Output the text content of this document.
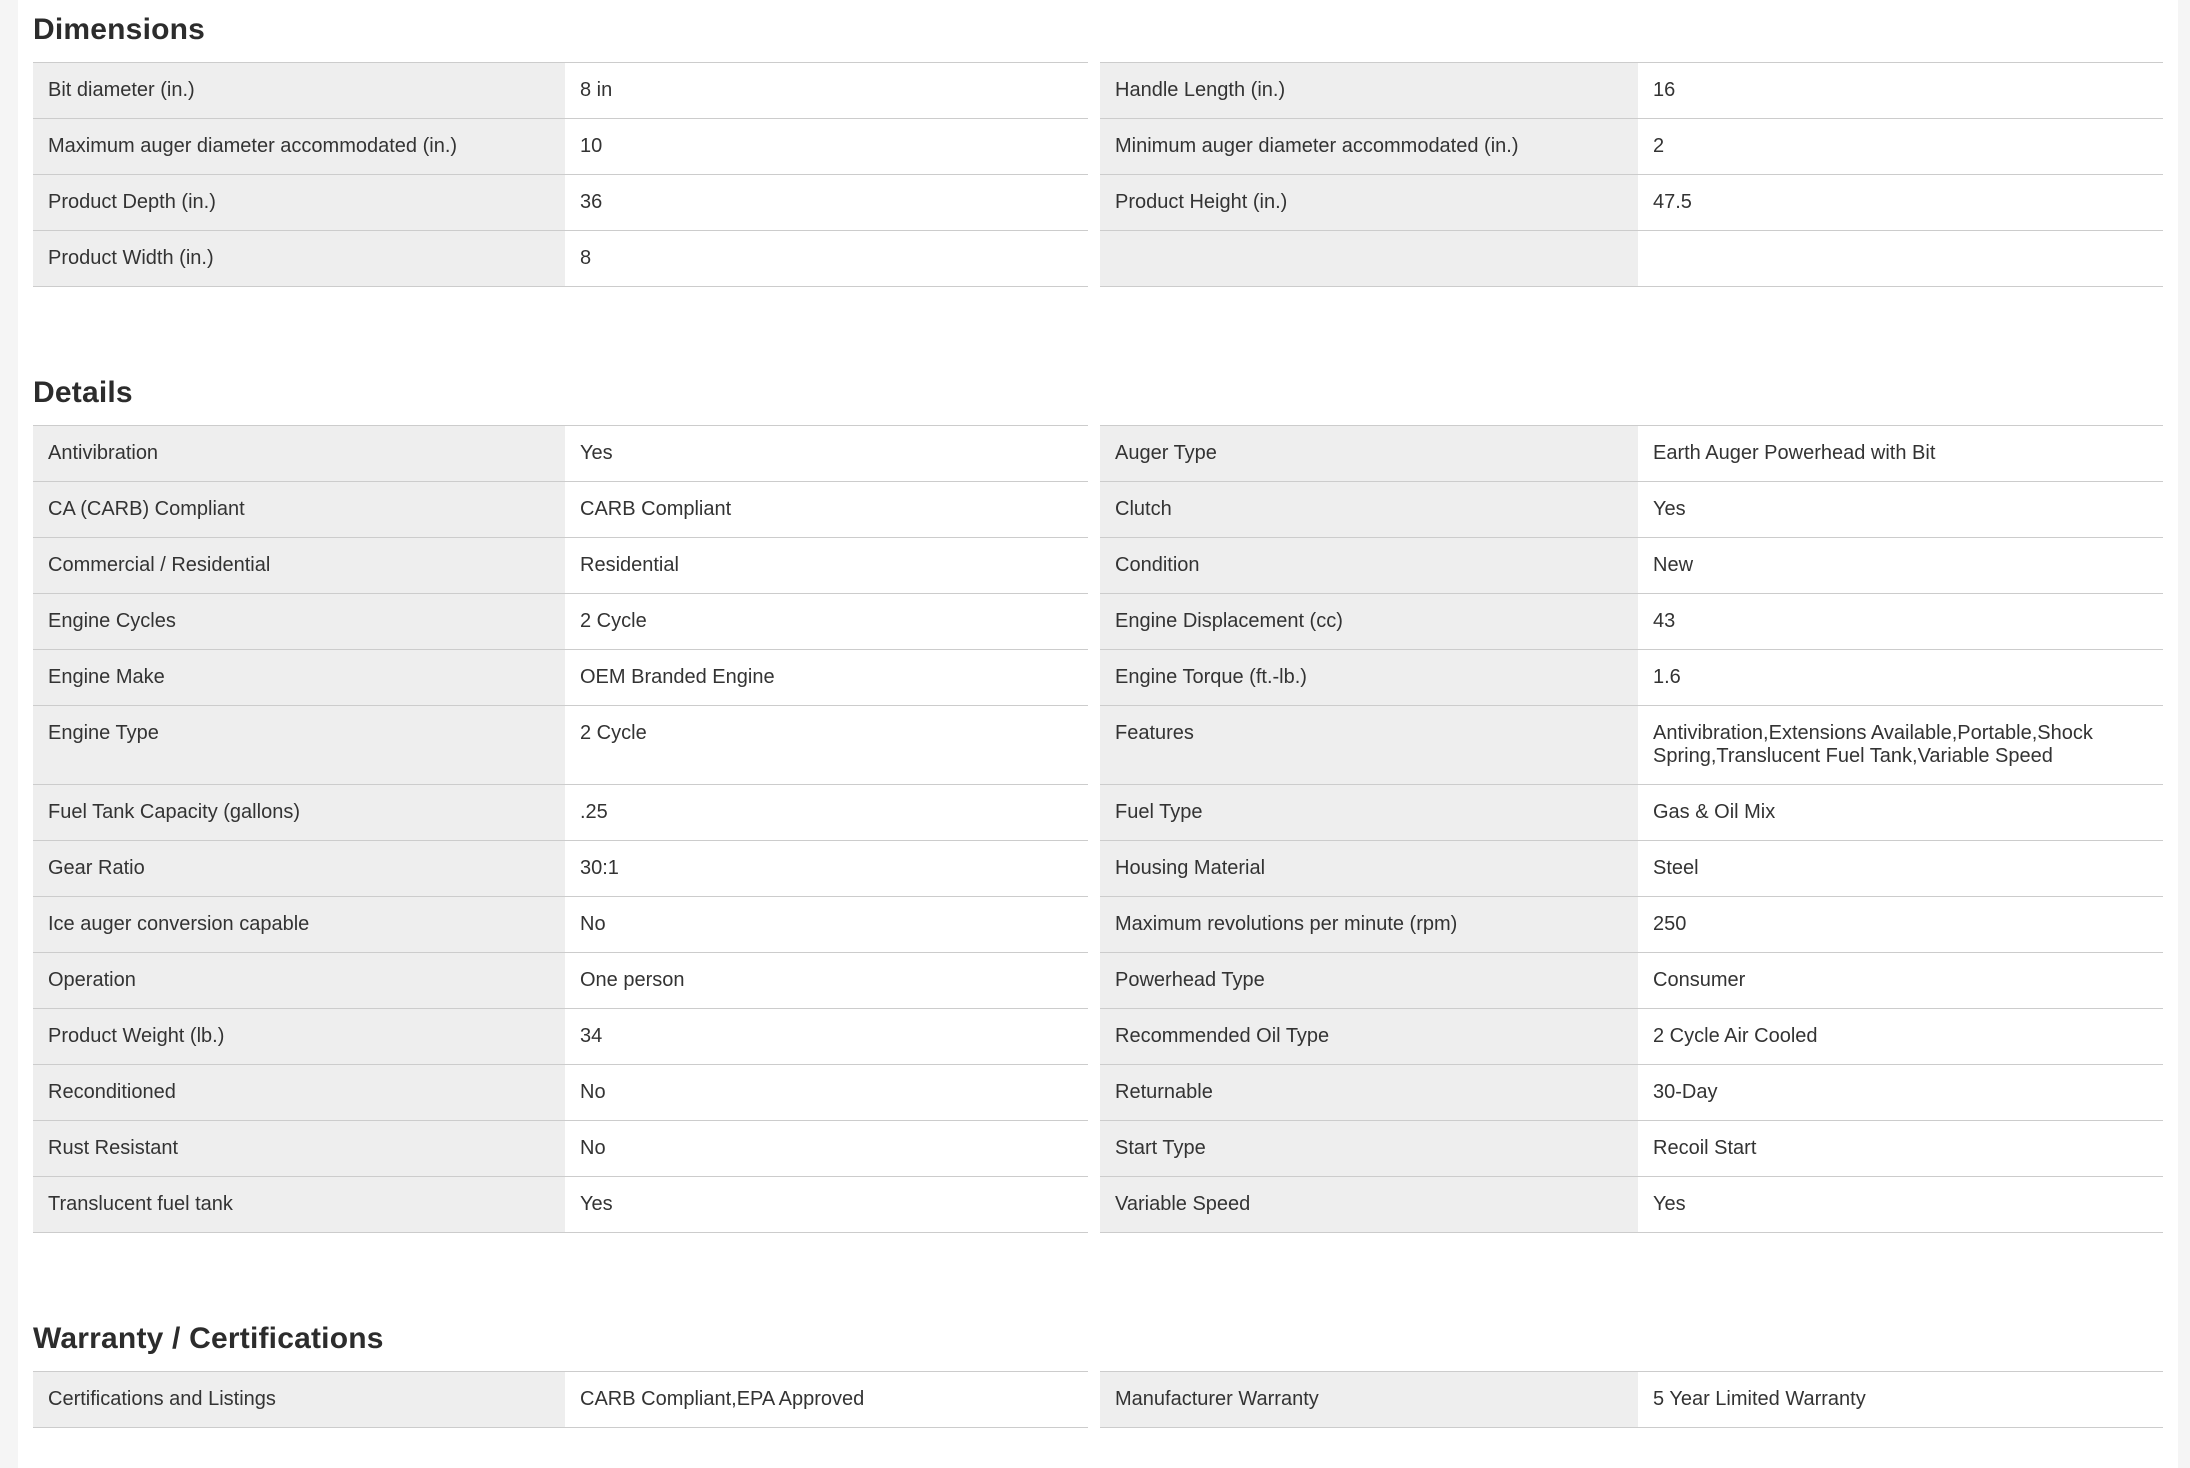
Dimensions
Bit diameter (in.)	8 in	Handle Length (in.)	16
Maximum auger diameter accommodated (in.)	10	Minimum auger diameter accommodated (in.)	2
Product Depth (in.)	36	Product Height (in.)	47.5
Product Width (in.)	8
Details
Antivibration	Yes	Auger Type	Earth Auger Powerhead with Bit
CA (CARB) Compliant	CARB Compliant	Clutch	Yes
Commercial / Residential	Residential	Condition	New
Engine Cycles	2 Cycle	Engine Displacement (cc)	43
Engine Make	OEM Branded Engine	Engine Torque (ft.-lb.)	1.6
Engine Type	2 Cycle	Features	Antivibration,Extensions Available,Portable,Shock Spring,Translucent Fuel Tank,Variable Speed
Fuel Tank Capacity (gallons)	.25	Fuel Type	Gas & Oil Mix
Gear Ratio	30:1	Housing Material	Steel
Ice auger conversion capable	No	Maximum revolutions per minute (rpm)	250
Operation	One person	Powerhead Type	Consumer
Product Weight (lb.)	34	Recommended Oil Type	2 Cycle Air Cooled
Reconditioned	No	Returnable	30-Day
Rust Resistant	No	Start Type	Recoil Start
Translucent fuel tank	Yes	Variable Speed	Yes
Warranty / Certifications
Certifications and Listings	CARB Compliant,EPA Approved	Manufacturer Warranty	5 Year Limited Warranty
